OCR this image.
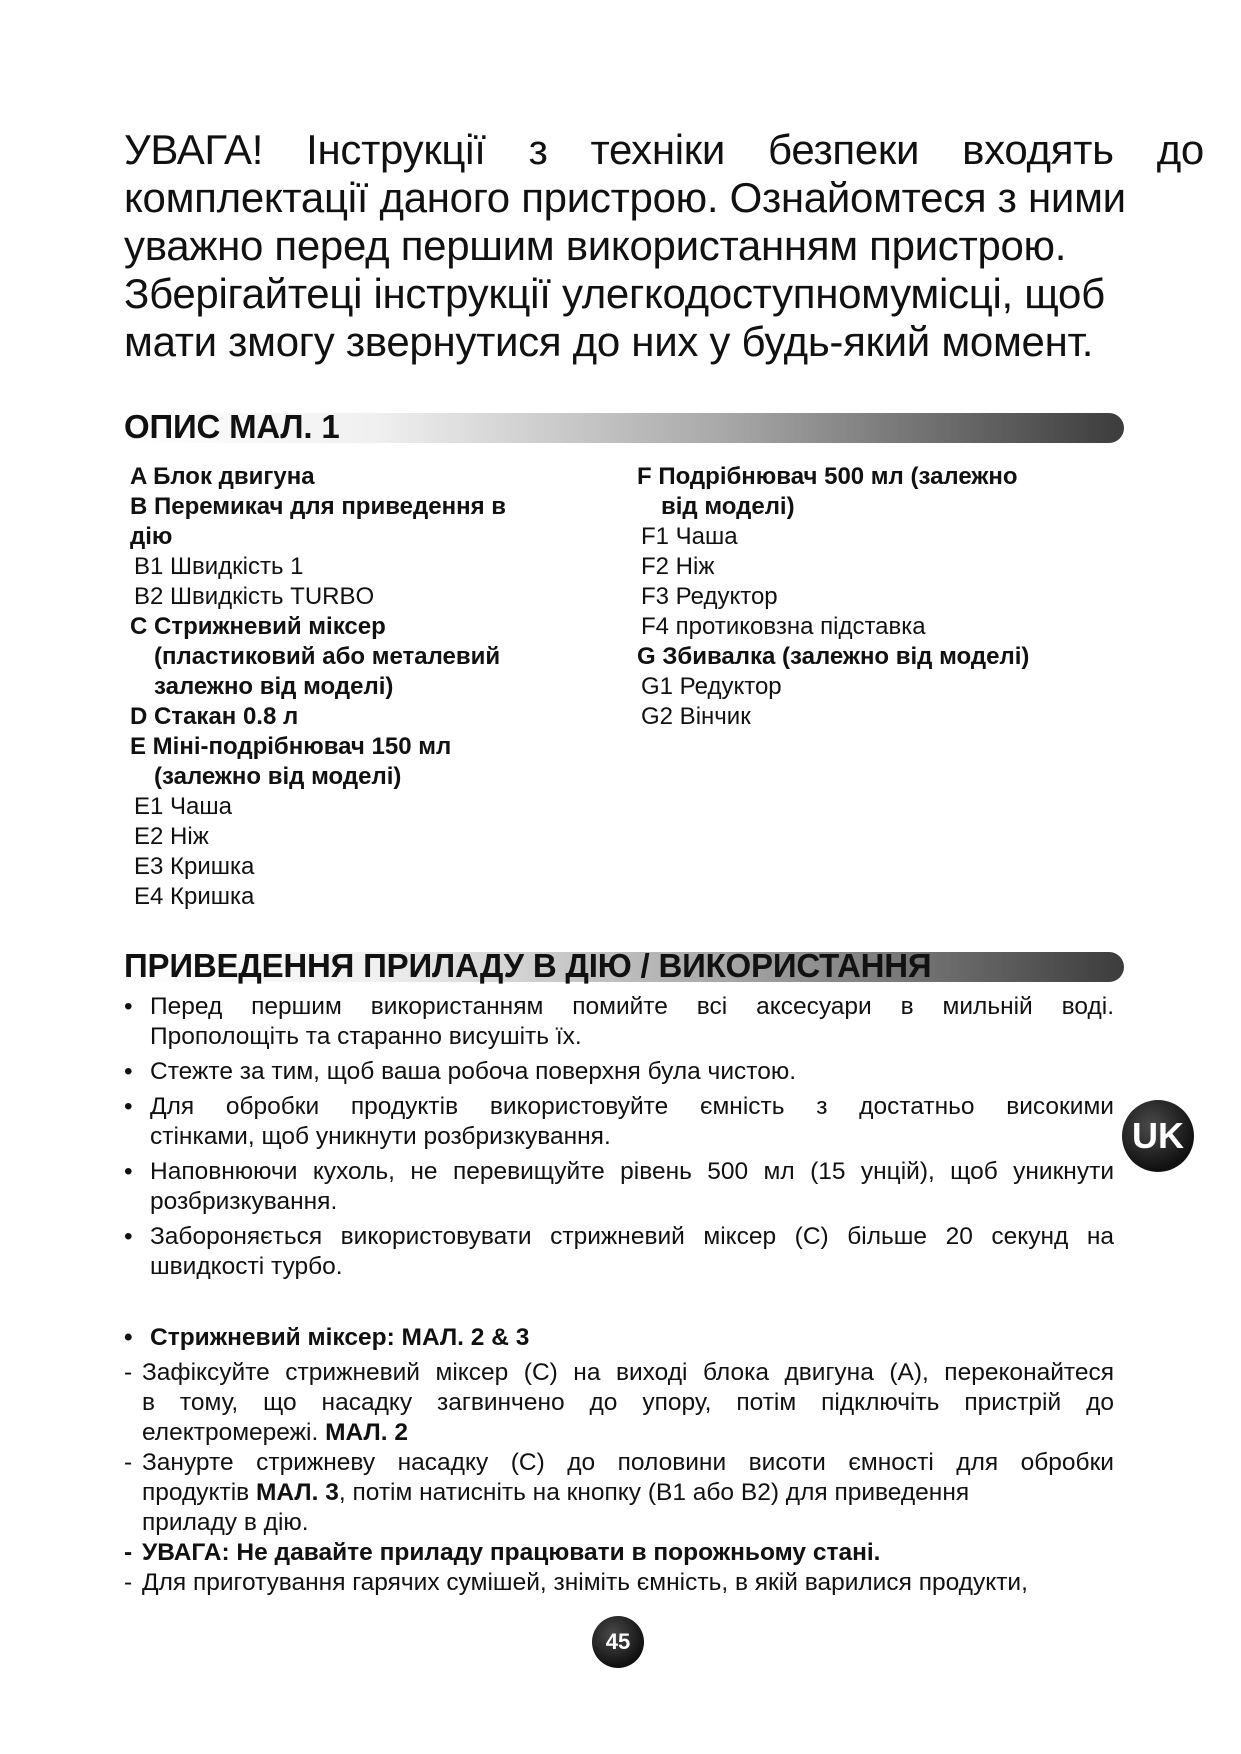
УВАГА! Інструкції з техніки безпеки входять до
комплектації даного пристрою. Ознайомтеся з ними
уважно перед першим використанням пристрою.
Зберігайтеці інструкції улегкодоступномумісці, щоб
мати змогу звернутися до них у будь-який момент.
ОПИС МАЛ. 1
A Блок двигуна
B Перемикач для приведення в
дію
B1 Швидкість 1
B2 Швидкість TURBO
C Стрижневий міксер
(пластиковий або металевий
залежно від моделі)
D Стакан 0.8 л
E Міні-подрібнювач 150 мл
(залежно від моделі)
E1 Чаша
E2 Ніж
E3 Кришка
E4 Кришка
F Подрібнювач 500 мл (залежно
від моделі)
F1 Чаша
F2 Ніж
F3 Редуктор
F4 протиковзна підставка
G Збивалка (залежно від моделі)
G1 Редуктор
G2 Вінчик
ПРИВЕДЕННЯ ПРИЛАДУ В ДІЮ / ВИКОРИСТАННЯ
• Перед першим використанням помийте всі аксесуари в мильній воді.
Прополощіть та старанно висушіть їх.
• Стежте за тим, щоб ваша робоча поверхня була чистою.
• Для обробки продуктів використовуйте ємність з достатньо високими
стінками, щоб уникнути розбризкування.
• Наповнюючи кухоль, не перевищуйте рівень 500 мл (15 унцій), щоб уникнути
розбризкування.
• Забороняється використовувати стрижневий міксер (C) більше 20 секунд на
швидкості турбо.
• Стрижневий міксер: МАЛ. 2 & 3
- Зафіксуйте стрижневий міксер (C) на виході блока двигуна (A), переконайтеся
в тому, що насадку загвинчено до упору, потім підключіть пристрій до
електромережі. МАЛ. 2
- Занурте стрижневу насадку (C) до половини висоти ємності для обробки
продуктів МАЛ. 3, потім натисніть на кнопку (B1 або B2) для приведення
приладу в дію.
- УВАГА: Не давайте приладу працювати в порожньому стані.
- Для приготування гарячих сумішей, зніміть ємність, в якій варилися продукти,
UK
45
